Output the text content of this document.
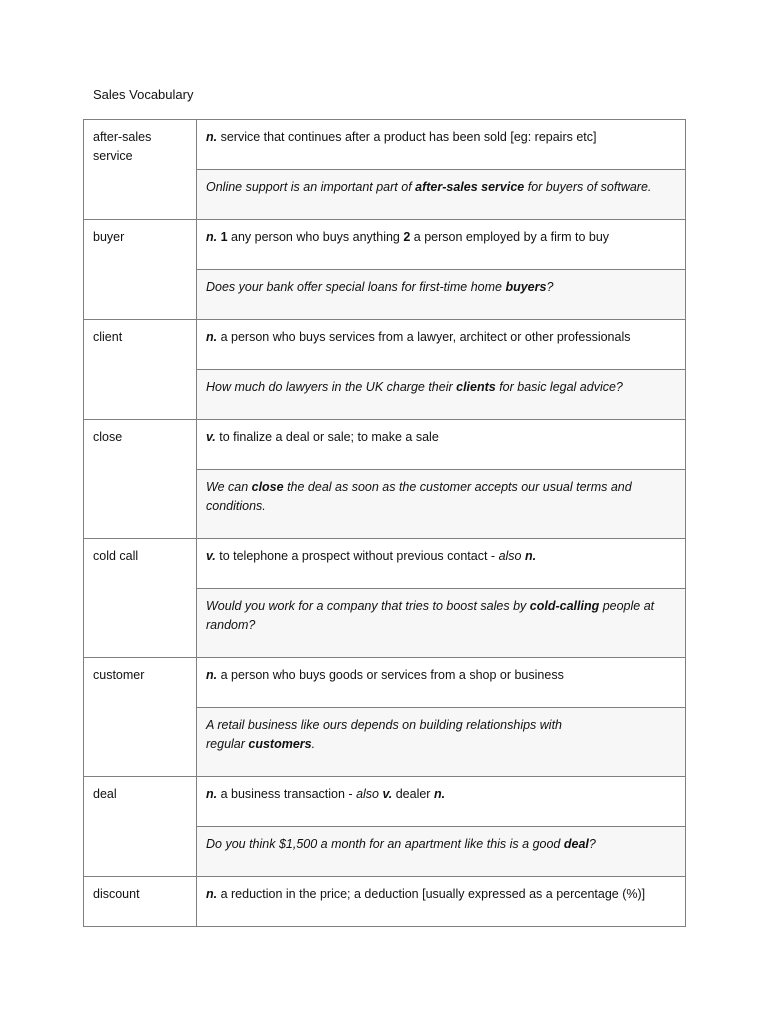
Sales Vocabulary
after-sales service	n. service that continues after a product has been sold [eg: repairs etc]
	Online support is an important part of after-sales service for buyers of software.
buyer	n. 1 any person who buys anything 2 a person employed by a firm to buy
	Does your bank offer special loans for first-time home buyers?
client	n. a person who buys services from a lawyer, architect or other professionals
	How much do lawyers in the UK charge their clients for basic legal advice?
close	v. to finalize a deal or sale; to make a sale
	We can close the deal as soon as the customer accepts our usual terms and conditions.
cold call	v. to telephone a prospect without previous contact - also n.
	Would you work for a company that tries to boost sales by cold-calling people at random?
customer	n. a person who buys goods or services from a shop or business
	A retail business like ours depends on building relationships with
regular customers.
deal	n. a business transaction - also v. dealer n.
	Do you think $1,500 a month for an apartment like this is a good deal?
discount	n. a reduction in the price; a deduction [usually expressed as a percentage (%)]
